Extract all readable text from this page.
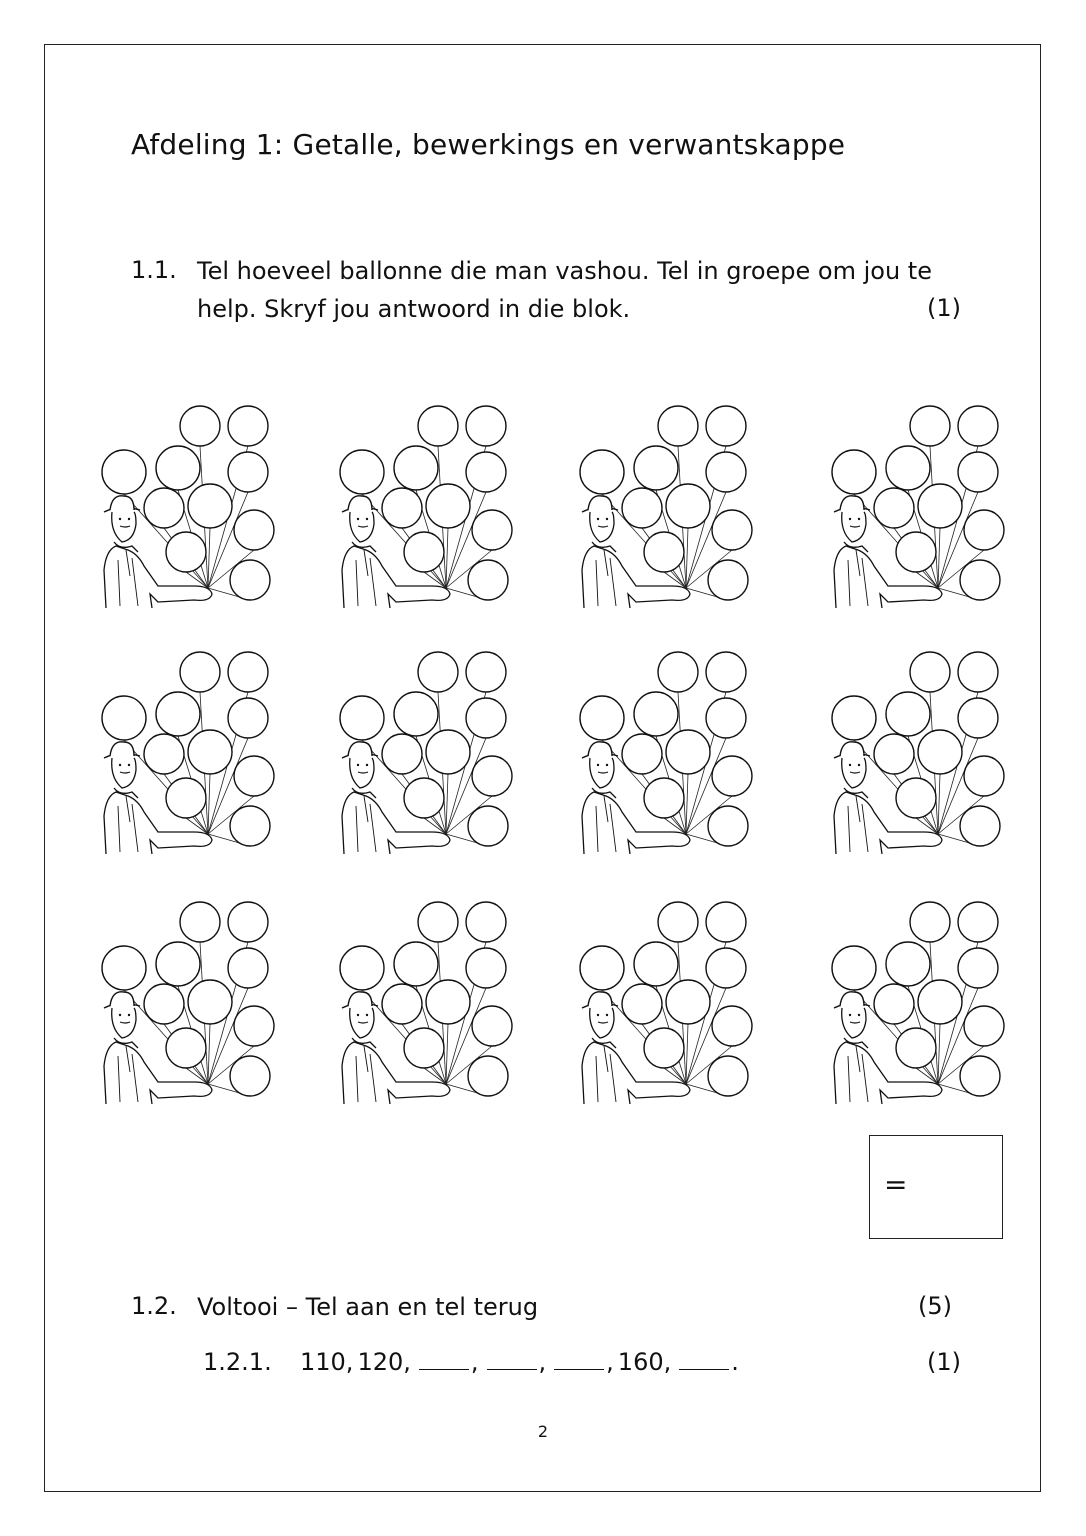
Afdeling 1: Getalle, bewerkings en verwantskappe
1.1. Tel hoeveel ballonne die man vashou. Tel in groepe om jou te
help. Skryf jou antwoord in die blok.	(1)
=
1.2. Voltooi – Tel aan en tel terug	(5)
1.2.1. 110, 120,	,	,	, 160,	.	(1)
2
